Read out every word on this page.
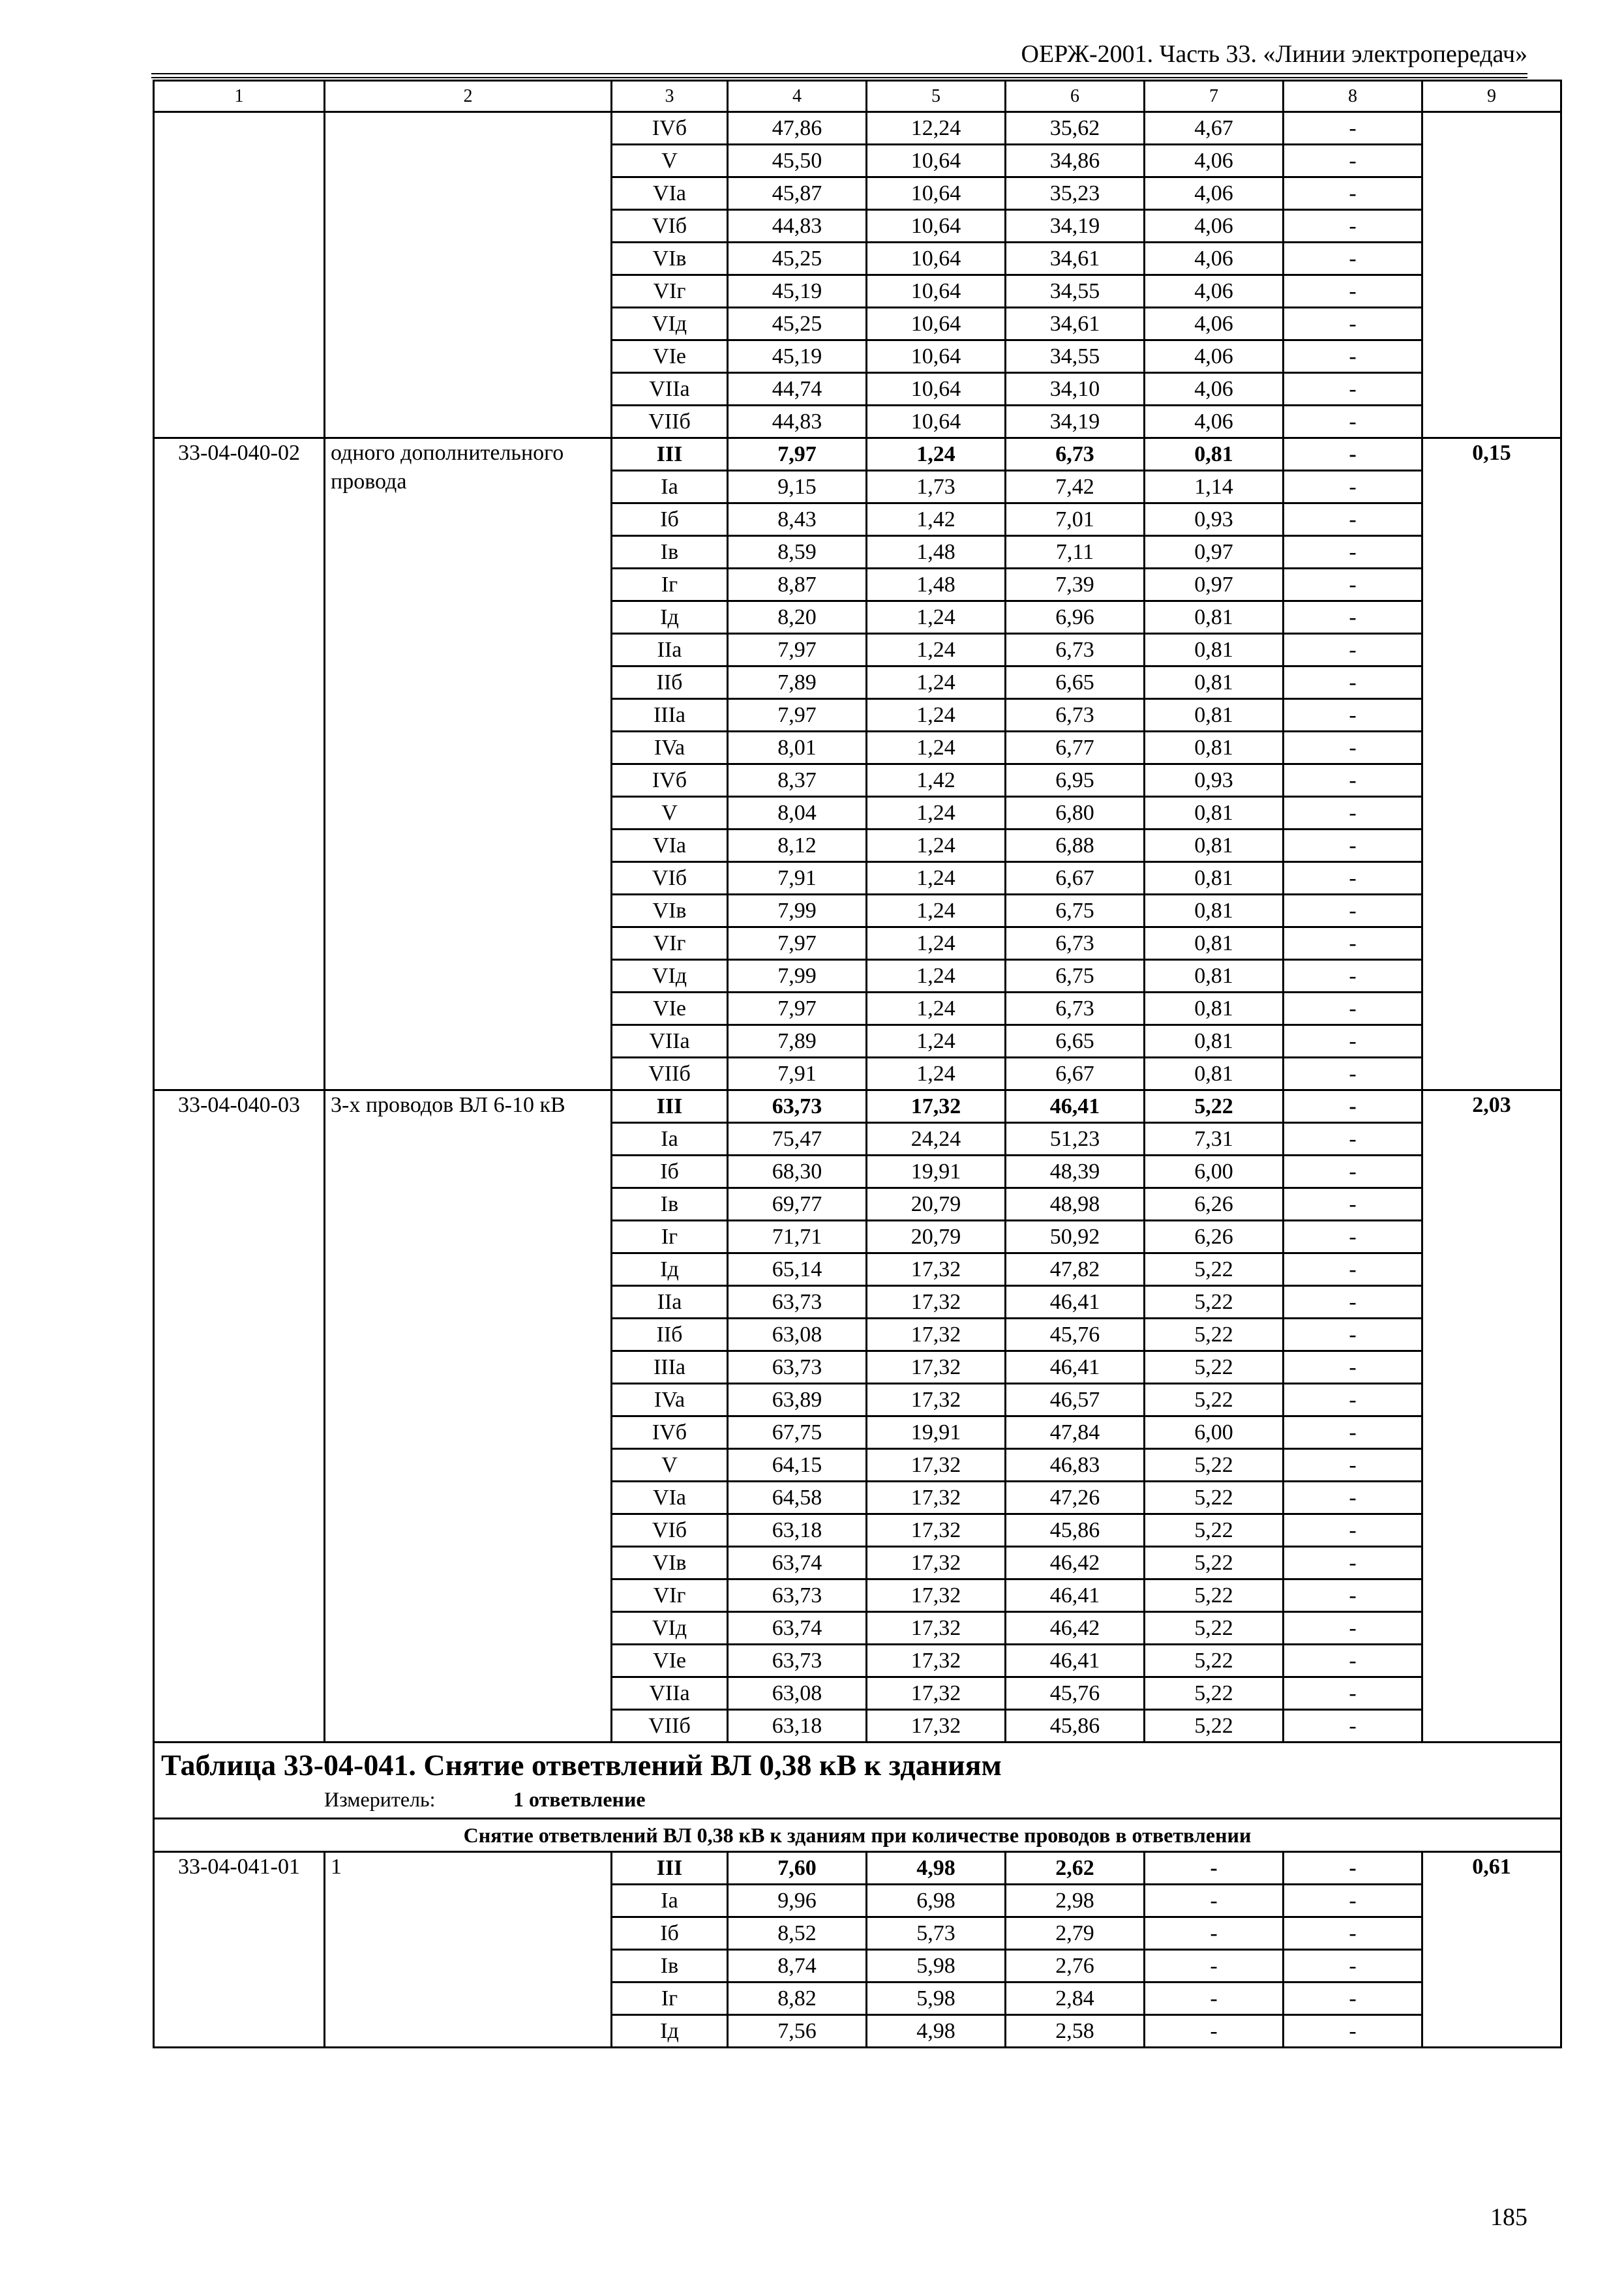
ОЕРЖ-2001. Часть 33. «Линии электропередач»
1	2	3	4	5	6	7	8	9
		IVб	47,86	12,24	35,62	4,67	-	
		V	45,50	10,64	34,86	4,06	-	
		VIa	45,87	10,64	35,23	4,06	-	
		VIб	44,83	10,64	34,19	4,06	-	
		VIв	45,25	10,64	34,61	4,06	-	
		VIг	45,19	10,64	34,55	4,06	-	
		VIд	45,25	10,64	34,61	4,06	-	
		VIe	45,19	10,64	34,55	4,06	-	
		VIIa	44,74	10,64	34,10	4,06	-	
		VIIб	44,83	10,64	34,19	4,06	-	
33-04-040-02	одного дополнительного провода	III	7,97	1,24	6,73	0,81	-	0,15
		Ia	9,15	1,73	7,42	1,14	-	
		Iб	8,43	1,42	7,01	0,93	-	
		Iв	8,59	1,48	7,11	0,97	-	
		Iг	8,87	1,48	7,39	0,97	-	
		Iд	8,20	1,24	6,96	0,81	-	
		IIa	7,97	1,24	6,73	0,81	-	
		IIб	7,89	1,24	6,65	0,81	-	
		IIIa	7,97	1,24	6,73	0,81	-	
		IVa	8,01	1,24	6,77	0,81	-	
		IVб	8,37	1,42	6,95	0,93	-	
		V	8,04	1,24	6,80	0,81	-	
		VIa	8,12	1,24	6,88	0,81	-	
		VIб	7,91	1,24	6,67	0,81	-	
		VIв	7,99	1,24	6,75	0,81	-	
		VIг	7,97	1,24	6,73	0,81	-	
		VIд	7,99	1,24	6,75	0,81	-	
		VIe	7,97	1,24	6,73	0,81	-	
		VIIa	7,89	1,24	6,65	0,81	-	
		VIIб	7,91	1,24	6,67	0,81	-	
33-04-040-03	3-х проводов ВЛ 6-10 кВ	III	63,73	17,32	46,41	5,22	-	2,03
		Ia	75,47	24,24	51,23	7,31	-	
		Iб	68,30	19,91	48,39	6,00	-	
		Iв	69,77	20,79	48,98	6,26	-	
		Iг	71,71	20,79	50,92	6,26	-	
		Iд	65,14	17,32	47,82	5,22	-	
		IIa	63,73	17,32	46,41	5,22	-	
		IIб	63,08	17,32	45,76	5,22	-	
		IIIa	63,73	17,32	46,41	5,22	-	
		IVa	63,89	17,32	46,57	5,22	-	
		IVб	67,75	19,91	47,84	6,00	-	
		V	64,15	17,32	46,83	5,22	-	
		VIa	64,58	17,32	47,26	5,22	-	
		VIб	63,18	17,32	45,86	5,22	-	
		VIв	63,74	17,32	46,42	5,22	-	
		VIг	63,73	17,32	46,41	5,22	-	
		VIд	63,74	17,32	46,42	5,22	-	
		VIe	63,73	17,32	46,41	5,22	-	
		VIIa	63,08	17,32	45,76	5,22	-	
		VIIб	63,18	17,32	45,86	5,22	-	

Таблица 33-04-041. Снятие ответвлений ВЛ 0,38 кВ к зданиям
Измеритель: 1 ответвление								

Снятие ответвлений ВЛ 0,38 кВ к зданиям при количестве проводов в ответвлении								
33-04-041-01	1	III	7,60	4,98	2,62	-	-	0,61
		Ia	9,96	6,98	2,98	-	-	
		Iб	8,52	5,73	2,79	-	-	
		Iв	8,74	5,98	2,76	-	-	
		Iг	8,82	5,98	2,84	-	-	
		Iд	7,56	4,98	2,58	-	-	
185
